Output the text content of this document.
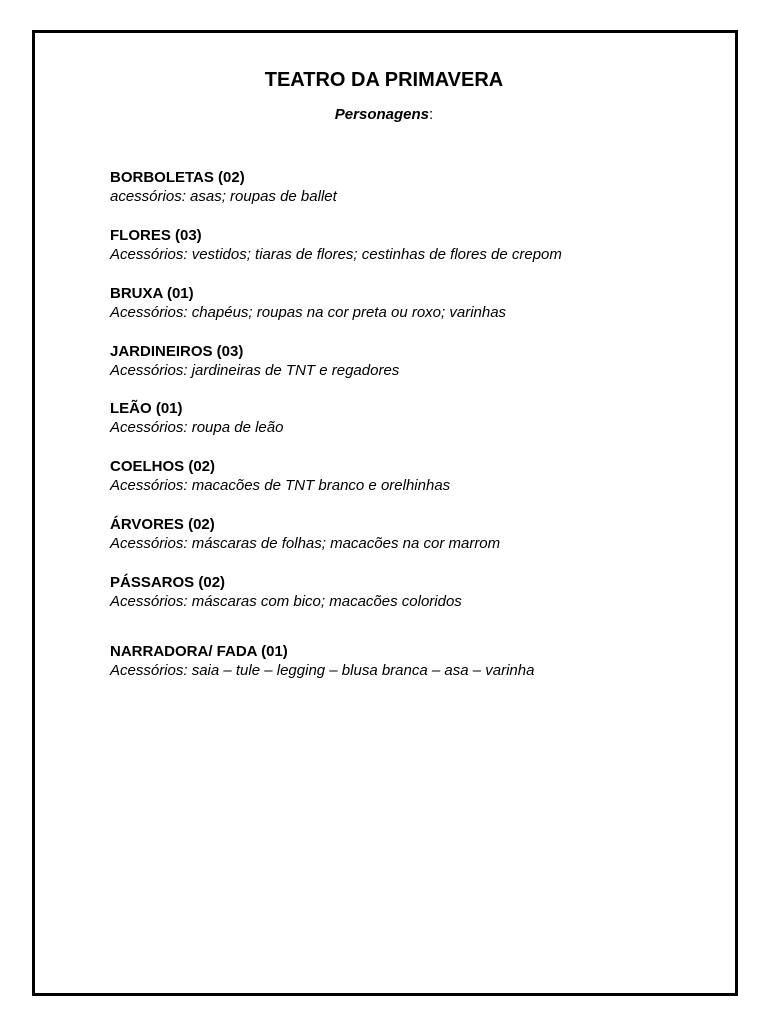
TEATRO DA PRIMAVERA
Personagens:
BORBOLETAS (02)
acessórios: asas; roupas de ballet
FLORES (03)
Acessórios: vestidos; tiaras de flores; cestinhas de flores de crepom
BRUXA (01)
Acessórios: chapéus; roupas na cor preta ou roxo; varinhas
JARDINEIROS (03)
Acessórios: jardineiras de TNT e regadores
LEÃO (01)
Acessórios: roupa de leão
COELHOS (02)
Acessórios: macacões de TNT branco e orelhinhas
ÁRVORES (02)
Acessórios: máscaras de folhas; macacões na cor marrom
PÁSSAROS (02)
Acessórios: máscaras com bico; macacões coloridos
NARRADORA/ FADA (01)
Acessórios: saia – tule – legging – blusa branca – asa – varinha
